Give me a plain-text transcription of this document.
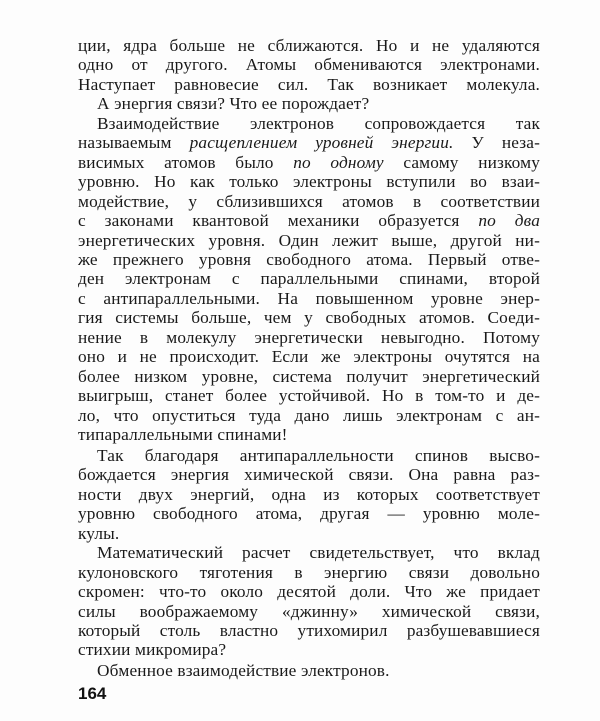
ции, ядра больше не сближаются. Но и не удаляются
одно от другого. Атомы обмениваются электронами.
Наступает равновесие сил. Так возникает молекула.
А энергия связи? Что ее порождает?
Взаимодействие электронов сопровождается так
называемым расщеплением уровней энергии. У неза-
висимых атомов было по одному самому низкому
уровню. Но как только электроны вступили во взаи-
модействие, у сблизившихся атомов в соответствии
с законами квантовой механики образуется по два
энергетических уровня. Один лежит выше, другой ни-
же прежнего уровня свободного атома. Первый отве-
ден электронам с параллельными спинами, второй
с антипараллельными. На повышенном уровне энер-
гия системы больше, чем у свободных атомов. Соеди-
нение в молекулу энергетически невыгодно. Потому
оно и не происходит. Если же электроны очутятся на
более низком уровне, система получит энергетический
выигрыш, станет более устойчивой. Но в том-то и де-
ло, что опуститься туда дано лишь электронам с ан-
типараллельными спинами!
Так благодаря антипараллельности спинов высво-
бождается энергия химической связи. Она равна раз-
ности двух энергий, одна из которых соответствует
уровню свободного атома, другая — уровню моле-
кулы.
Математический расчет свидетельствует, что вклад
кулоновского тяготения в энергию связи довольно
скромен: что-то около десятой доли. Что же придает
силы воображаемому «джинну» химической связи,
который столь властно утихомирил разбушевавшиеся
стихии микромира?
Обменное взаимодействие электронов.
164
